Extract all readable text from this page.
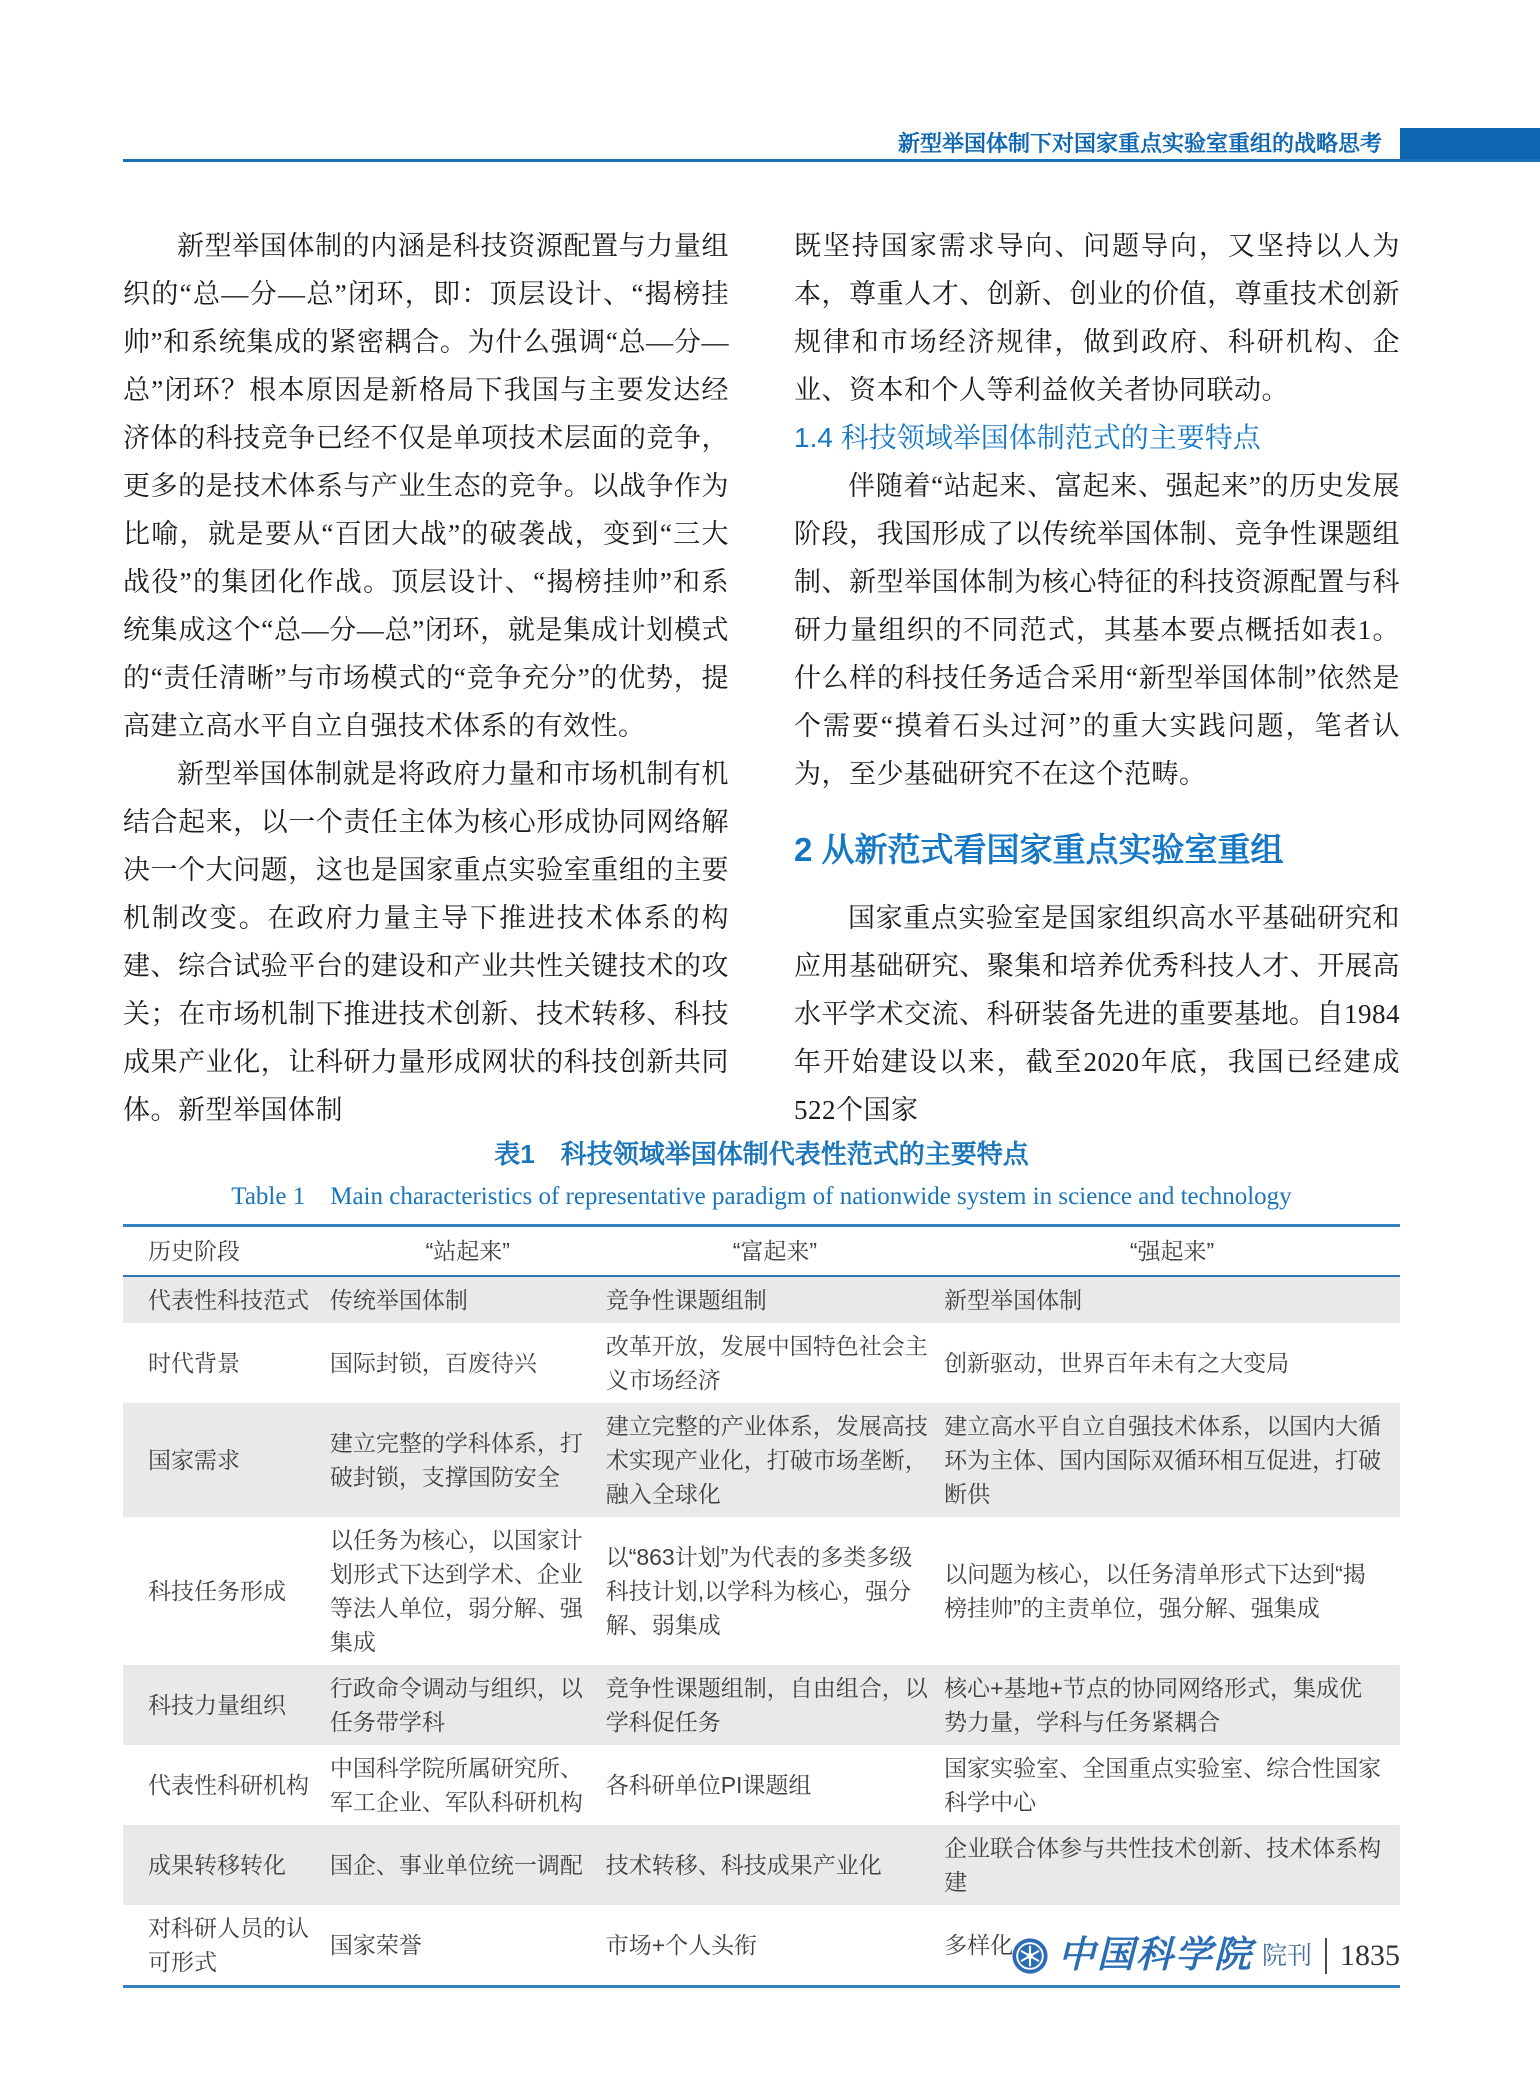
新型举国体制下对国家重点实验室重组的战略思考

新型举国体制的内涵是科技资源配置与力量组织的“总—分—总”闭环，即：顶层设计、“揭榜挂帅”和系统集成的紧密耦合。为什么强调“总—分—总”闭环？根本原因是新格局下我国与主要发达经济体的科技竞争已经不仅是单项技术层面的竞争，更多的是技术体系与产业生态的竞争。以战争作为比喻，就是要从“百团大战”的破袭战，变到“三大战役”的集团化作战。顶层设计、“揭榜挂帅”和系统集成这个“总—分—总”闭环，就是集成计划模式的“责任清晰”与市场模式的“竞争充分”的优势，提高建立高水平自立自强技术体系的有效性。

新型举国体制就是将政府力量和市场机制有机结合起来，以一个责任主体为核心形成协同网络解决一个大问题，这也是国家重点实验室重组的主要机制改变。在政府力量主导下推进技术体系的构建、综合试验平台的建设和产业共性关键技术的攻关；在市场机制下推进技术创新、技术转移、科技成果产业化，让科研力量形成网状的科技创新共同体。新型举国体制

既坚持国家需求导向、问题导向，又坚持以人为本，尊重人才、创新、创业的价值，尊重技术创新规律和市场经济规律，做到政府、科研机构、企业、资本和个人等利益攸关者协同联动。

1.4 科技领域举国体制范式的主要特点

伴随着“站起来、富起来、强起来”的历史发展阶段，我国形成了以传统举国体制、竞争性课题组制、新型举国体制为核心特征的科技资源配置与科研力量组织的不同范式，其基本要点概括如表1。什么样的科技任务适合采用“新型举国体制”依然是个需要“摸着石头过河”的重大实践问题，笔者认为，至少基础研究不在这个范畴。

2 从新范式看国家重点实验室重组

国家重点实验室是国家组织高水平基础研究和应用基础研究、聚集和培养优秀科技人才、开展高水平学术交流、科研装备先进的重要基地。自1984年开始建设以来，截至2020年底，我国已经建成522个国家

表1　科技领域举国体制代表性范式的主要特点
Table 1　Main characteristics of representative paradigm of nationwide system in science and technology
历史阶段	“站起来”	“富起来”	“强起来”
代表性科技范式	传统举国体制	竞争性课题组制	新型举国体制
时代背景	国际封锁，百废待兴	改革开放，发展中国特色社会主义市场经济	创新驱动，世界百年未有之大变局
国家需求	建立完整的学科体系，打破封锁，支撑国防安全	建立完整的产业体系，发展高技术实现产业化，打破市场垄断，融入全球化	建立高水平自立自强技术体系，以国内大循环为主体、国内国际双循环相互促进，打破断供
科技任务形成	以任务为核心，以国家计划形式下达到学术、企业等法人单位，弱分解、强集成	以“863计划”为代表的多类多级科技计划,以学科为核心，强分解、弱集成	以问题为核心，以任务清单形式下达到“揭榜挂帅”的主责单位，强分解、强集成
科技力量组织	行政命令调动与组织，以任务带学科	竞争性课题组制，自由组合，以学科促任务	核心+基地+节点的协同网络形式，集成优势力量，学科与任务紧耦合
代表性科研机构	中国科学院所属研究所、军工企业、军队科研机构	各科研单位PI课题组	国家实验室、全国重点实验室、综合性国家科学中心
成果转移转化	国企、事业单位统一调配	技术转移、科技成果产业化	企业联合体参与共性技术创新、技术体系构建
对科研人员的认可形式	国家荣誉	市场+个人头衔	多样化 中国科学院 院刊 1835
